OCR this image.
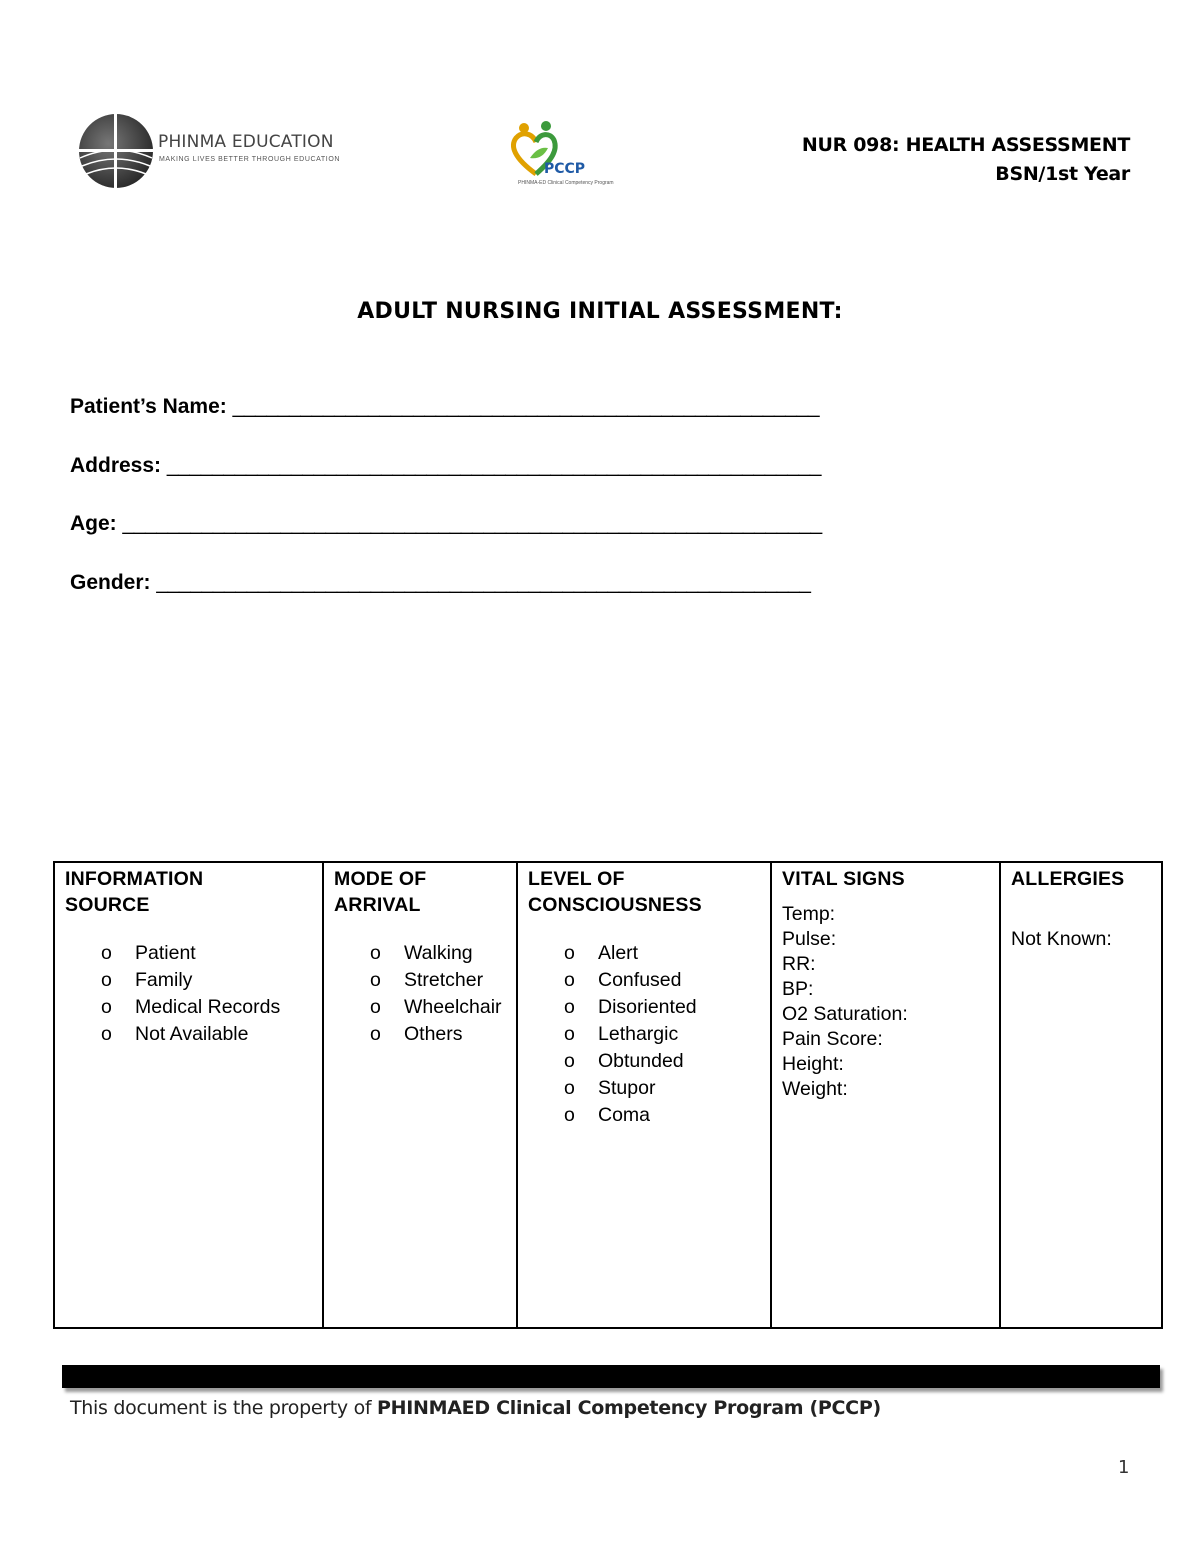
PHINMA EDUCATION
MAKING LIVES BETTER THROUGH EDUCATION
PCCP
PHINMA-ED Clinical Competency Program
NUR 098: HEALTH ASSESSMENT
BSN/1st Year
ADULT NURSING INITIAL ASSESSMENT:
Patient’s Name: ____________________________________________________
Address: __________________________________________________________
Age: ______________________________________________________________
Gender: __________________________________________________________
INFORMATION
SOURCE
o Patient
o Family
o Medical Records
o Not Available

MODE OF
ARRIVAL
o Walking
o Stretcher
o Wheelchair
o Others

LEVEL OF
CONSCIOUSNESS
o Alert
o Confused
o Disoriented
o Lethargic
o Obtunded
o Stupor
o Coma

VITAL SIGNS
Temp:
Pulse:
RR:
BP:
O2 Saturation:
Pain Score:
Height:
Weight:

ALLERGIES
Not Known:
This document is the property of PHINMAED Clinical Competency Program (PCCP)
1
